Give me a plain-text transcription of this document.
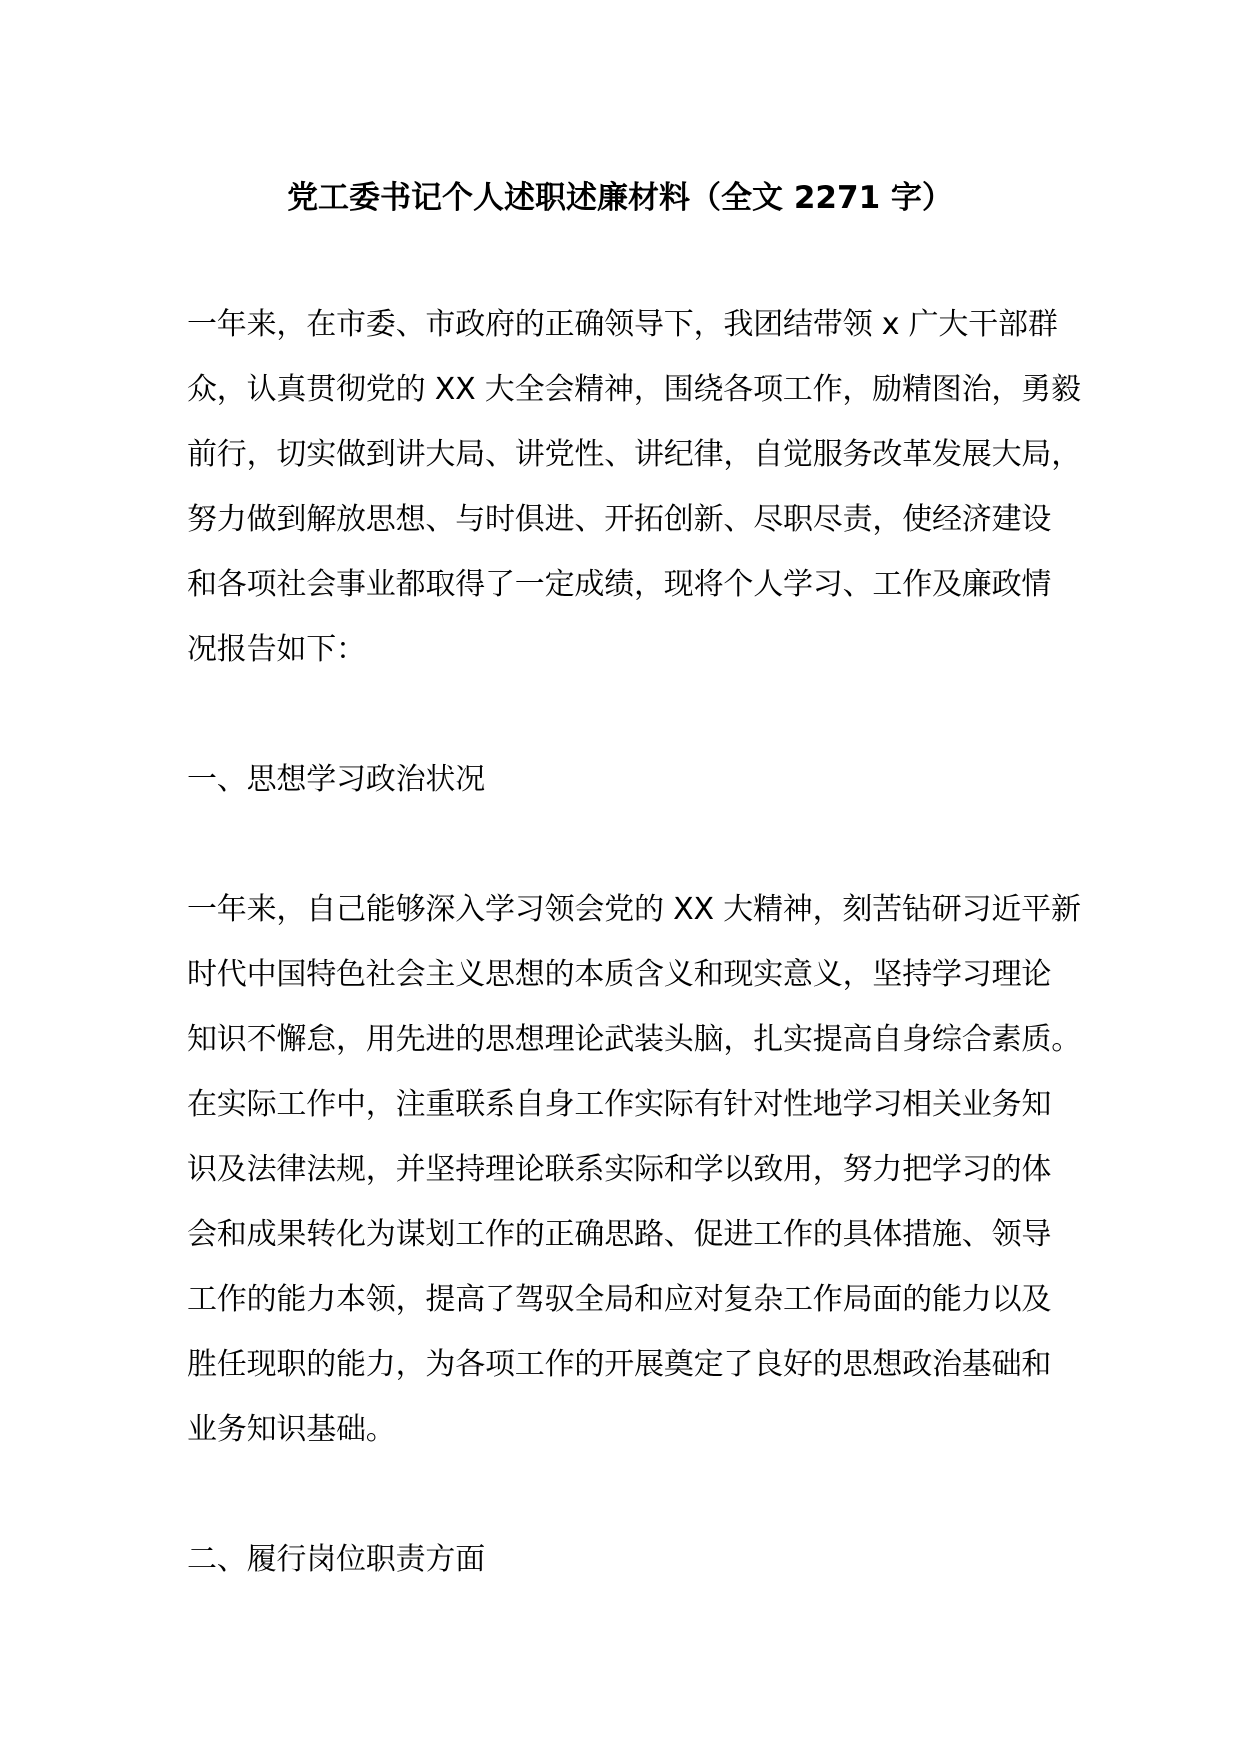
党工委书记个人述职述廉材料（全文 2271 字）
一年来，在市委、市政府的正确领导下，我团结带领 x 广大干部群
众，认真贯彻党的 XX 大全会精神，围绕各项工作，励精图治，勇毅
前行，切实做到讲大局、讲党性、讲纪律，自觉服务改革发展大局，
努力做到解放思想、与时俱进、开拓创新、尽职尽责，使经济建设
和各项社会事业都取得了一定成绩，现将个人学习、工作及廉政情
况报告如下：
一、思想学习政治状况
一年来，自己能够深入学习领会党的 XX 大精神，刻苦钻研习近平新
时代中国特色社会主义思想的本质含义和现实意义，坚持学习理论
知识不懈怠，用先进的思想理论武装头脑，扎实提高自身综合素质。
在实际工作中，注重联系自身工作实际有针对性地学习相关业务知
识及法律法规，并坚持理论联系实际和学以致用，努力把学习的体
会和成果转化为谋划工作的正确思路、促进工作的具体措施、领导
工作的能力本领，提高了驾驭全局和应对复杂工作局面的能力以及
胜任现职的能力，为各项工作的开展奠定了良好的思想政治基础和
业务知识基础。
二、履行岗位职责方面
